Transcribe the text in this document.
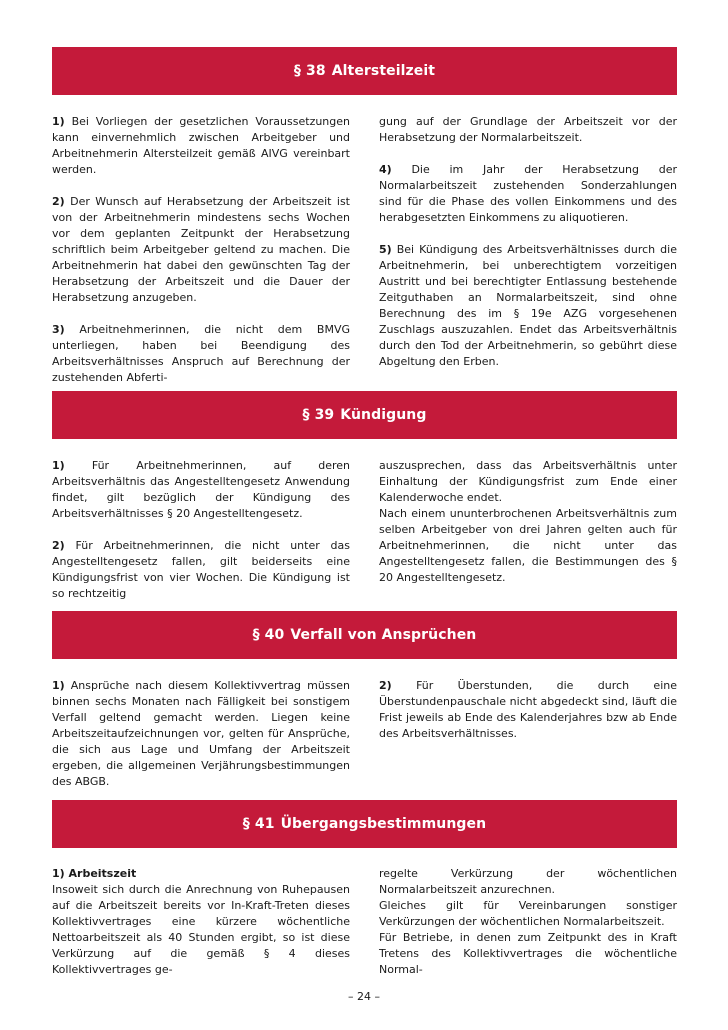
§ 38 Altersteilzeit

1) Bei Vorliegen der gesetzlichen Voraussetzungen kann einvernehmlich zwischen Arbeitgeber und Arbeitnehmerin Altersteilzeit gemäß AIVG vereinbart werden.

2) Der Wunsch auf Herabsetzung der Arbeitszeit ist von der Arbeitnehmerin mindestens sechs Wochen vor dem geplanten Zeitpunkt der Herabsetzung schriftlich beim Arbeitgeber geltend zu machen. Die Arbeitnehmerin hat dabei den gewünschten Tag der Herabsetzung der Arbeitszeit und die Dauer der Herabsetzung anzugeben.

3) Arbeitnehmerinnen, die nicht dem BMVG unterliegen, haben bei Beendigung des Arbeitsverhältnisses Anspruch auf Berechnung der zustehenden Abferti-

gung auf der Grundlage der Arbeitszeit vor der Herabsetzung der Normalarbeitszeit.

4) Die im Jahr der Herabsetzung der Normalarbeitszeit zustehenden Sonderzahlungen sind für die Phase des vollen Einkommens und des herabgesetzten Einkommens zu aliquotieren.

5) Bei Kündigung des Arbeitsverhältnisses durch die Arbeitnehmerin, bei unberechtigtem vorzeitigen Austritt und bei berechtigter Entlassung bestehende Zeitguthaben an Normalarbeitszeit, sind ohne Berechnung des im § 19e AZG vorgesehenen Zuschlags auszuzahlen. Endet das Arbeitsverhältnis durch den Tod der Arbeitnehmerin, so gebührt diese Abgeltung den Erben.

§ 39 Kündigung

1) Für Arbeitnehmerinnen, auf deren Arbeitsverhältnis das Angestelltengesetz Anwendung findet, gilt bezüglich der Kündigung des Arbeitsverhältnisses § 20 Angestelltengesetz.

2) Für Arbeitnehmerinnen, die nicht unter das Angestelltengesetz fallen, gilt beiderseits eine Kündigungsfrist von vier Wochen. Die Kündigung ist so rechtzeitig

auszusprechen, dass das Arbeitsverhältnis unter Einhaltung der Kündigungsfrist zum Ende einer Kalenderwoche endet.

Nach einem ununterbrochenen Arbeitsverhältnis zum selben Arbeitgeber von drei Jahren gelten auch für Arbeitnehmerinnen, die nicht unter das Angestelltengesetz fallen, die Bestimmungen des § 20 Angestelltengesetz.

§ 40 Verfall von Ansprüchen

1) Ansprüche nach diesem Kollektivvertrag müssen binnen sechs Monaten nach Fälligkeit bei sonstigem Verfall geltend gemacht werden. Liegen keine Arbeitszeitaufzeichnungen vor, gelten für Ansprüche, die sich aus Lage und Umfang der Arbeitszeit ergeben, die allgemeinen Verjährungsbestimmungen des ABGB.

2) Für Überstunden, die durch eine Überstundenpauschale nicht abgedeckt sind, läuft die Frist jeweils ab Ende des Kalenderjahres bzw ab Ende des Arbeitsverhältnisses.

§ 41 Übergangsbestimmungen

1) Arbeitszeit
Insoweit sich durch die Anrechnung von Ruhepausen auf die Arbeitszeit bereits vor In-Kraft-Treten dieses Kollektivvertrages eine kürzere wöchentliche Nettoarbeitszeit als 40 Stunden ergibt, so ist diese Verkürzung auf die gemäß § 4 dieses Kollektivvertrages ge-

regelte Verkürzung der wöchentlichen Normalarbeitszeit anzurechnen.

Gleiches gilt für Vereinbarungen sonstiger Verkürzungen der wöchentlichen Normalarbeitszeit.

Für Betriebe, in denen zum Zeitpunkt des in Kraft Tretens des Kollektivvertrages die wöchentliche Normal-

– 24 –
